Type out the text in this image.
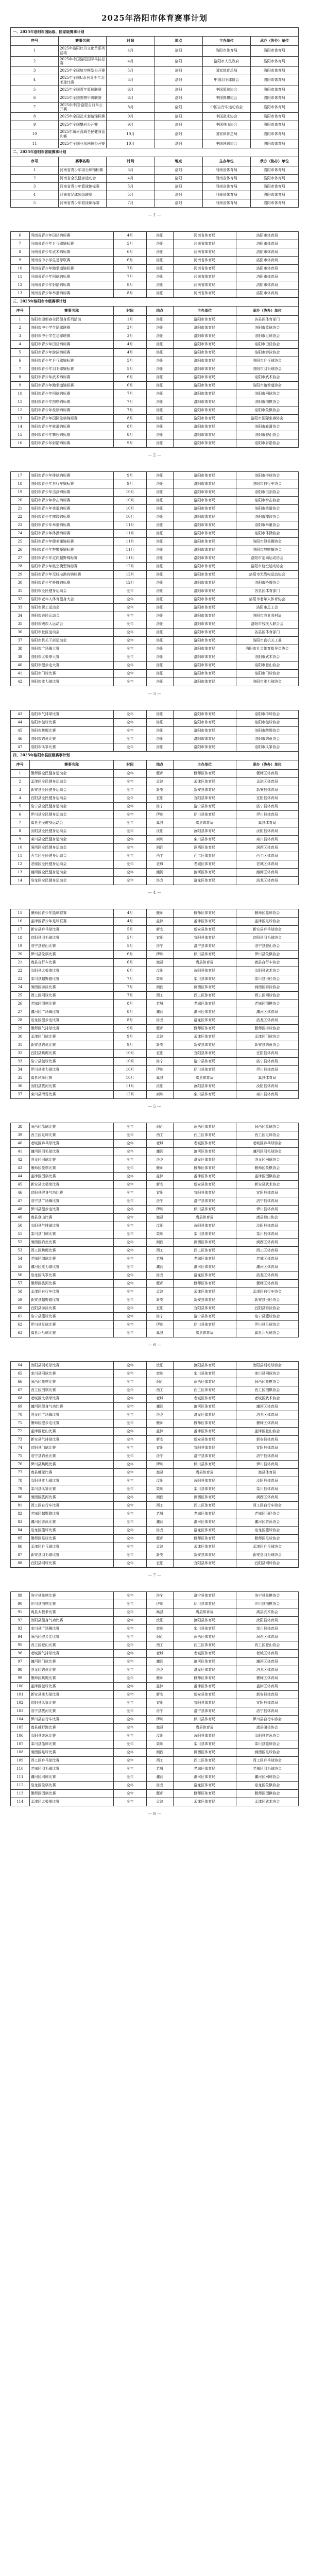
2025年洛阳市体育赛事计划
一、2025年洛阳市国际级、国家级赛事计划					
序号	赛事名称	时间	地点	主办单位	承办（协办）单位
1	2025年洛阳牡丹文化节系列活动	4月	洛阳	洛阳市体育局	洛阳市体育局
2	2025年中国洛阳国际马拉松赛	4月	洛阳	洛阳市人民政府	洛阳市体育局
3	2025年全国航空模型公开赛	5月	洛阳	国家体育总局	洛阳市体育局
4	2025年全国U系列青少年羽毛球比赛	5月	洛阳	中国羽毛球协会	洛阳市体育局
5	2025年全国青年篮球联赛	6月	洛阳	中国篮球协会	洛阳市体育局
6	2025年全国围棋甲级联赛	6月	洛阳	中国围棋协会	洛阳市体育局
7	2025年中国·洛阳自行车公开赛	8月	洛阳	中国自行车运动协会	洛阳市体育局
8	2025年全国武术套路锦标赛	9月	洛阳	中国武术协会	洛阳市体育局
9	2025年全国攀岩公开赛	9月	洛阳	中国登山协会	洛阳市体育局
10	2025年黄河流域全民健身系列赛	10月	洛阳	国家体育总局	洛阳市体育局
11	2025年全国业余网球公开赛	10月	洛阳	中国网球协会	洛阳市体育局
二、2025年洛阳市省级赛事计划					
序号	赛事名称	时间	地点	主办单位	承办（协办）单位
1	河南省青少年羽毛球锦标赛	3月	洛阳	河南省体育局	洛阳市体育局
2	河南省全民健身运动会	4月	洛阳	河南省体育局	洛阳市体育局
3	河南省青少年篮球锦标赛	5月	洛阳	河南省体育局	洛阳市体育局
4	河南省足球超级联赛	5月	洛阳	河南省体育局	洛阳市体育局
5	河南省青少年游泳锦标赛	7月	洛阳	河南省体育局	洛阳市体育局
— 1 —
6	河南省青少年田径锦标赛	4月	洛阳	河南省体育局	洛阳市体育局
7	河南省青少年乒乓球锦标赛	5月	洛阳	河南省体育局	洛阳市体育局
8	河南省青少年武术锦标赛	6月	洛阳	河南省体育局	洛阳市体育局
9	河南省中小学生足球联赛	6月	洛阳	河南省体育局	洛阳市体育局
10	河南省青少年跆拳道锦标赛	7月	洛阳	河南省体育局	洛阳市体育局
11	河南省青少年网球锦标赛	7月	洛阳	河南省体育局	洛阳市体育局
12	河南省青少年射箭锦标赛	8月	洛阳	河南省体育局	洛阳市体育局
13	河南省青少年举重锦标赛	8月	洛阳	河南省体育局	洛阳市体育局
三、2025年洛阳市市级赛事计划					
序号	赛事名称	时间	地点	主办单位	承办（协办）单位
1	洛阳市迎新春全民健身系列活动	1月	洛阳	洛阳市体育局	各县区体育部门
2	洛阳市中小学生篮球联赛	3月	洛阳	洛阳市体育局	洛阳市篮球协会
3	洛阳市中小学生足球联赛	3月	洛阳	洛阳市体育局	洛阳市足球协会
4	洛阳市青少年田径锦标赛	4月	洛阳	洛阳市体育局	洛阳市田径协会
5	洛阳市青少年游泳锦标赛	4月	洛阳	洛阳市体育局	洛阳市游泳协会
6	洛阳市青少年乒乓球锦标赛	5月	洛阳	洛阳市体育局	洛阳市乒乓球协会
7	洛阳市青少年羽毛球锦标赛	5月	洛阳	洛阳市体育局	洛阳市羽毛球协会
8	洛阳市青少年武术锦标赛	6月	洛阳	洛阳市体育局	洛阳市武术协会
9	洛阳市青少年跆拳道锦标赛	6月	洛阳	洛阳市体育局	洛阳市跆拳道协会
10	洛阳市青少年网球锦标赛	7月	洛阳	洛阳市体育局	洛阳市网球协会
11	洛阳市青少年围棋锦标赛	7月	洛阳	洛阳市体育局	洛阳市围棋协会
12	洛阳市青少年象棋锦标赛	7月	洛阳	洛阳市体育局	洛阳市象棋协会
13	洛阳市青少年国际象棋锦标赛	8月	洛阳	洛阳市体育局	洛阳市国际象棋协会
14	洛阳市青少年轮滑锦标赛	8月	洛阳	洛阳市体育局	洛阳市轮滑协会
15	洛阳市青少年攀岩锦标赛	8月	洛阳	洛阳市体育局	洛阳市登山协会
16	洛阳市青少年射箭锦标赛	9月	洛阳	洛阳市体育局	洛阳市射箭协会
— 2 —
17	洛阳市青少年排球锦标赛	9月	洛阳	洛阳市体育局	洛阳市排球协会
18	洛阳市青少年自行车锦标赛	9月	洛阳	洛阳市体育局	洛阳市自行车协会
19	洛阳市青少年击剑锦标赛	10月	洛阳	洛阳市体育局	洛阳市击剑协会
20	洛阳市青少年拳击锦标赛	10月	洛阳	洛阳市体育局	洛阳市拳击协会
21	洛阳市青少年柔道锦标赛	10月	洛阳	洛阳市体育局	洛阳市柔道协会
22	洛阳市青少年摔跤锦标赛	10月	洛阳	洛阳市体育局	洛阳市摔跤协会
23	洛阳市青少年举重锦标赛	11月	洛阳	洛阳市体育局	洛阳市举重协会
24	洛阳市青少年体操锦标赛	11月	洛阳	洛阳市体育局	洛阳市体操协会
25	洛阳市青少年健美操锦标赛	11月	洛阳	洛阳市体育局	洛阳市健美操协会
26	洛阳市青少年啦啦操锦标赛	11月	洛阳	洛阳市体育局	洛阳市啦啦操协会
27	洛阳市青少年定向越野锦标赛	11月	洛阳	洛阳市体育局	洛阳市定向运动协会
28	洛阳市青少年航空模型锦标赛	12月	洛阳	洛阳市体育局	洛阳市航空运动协会
29	洛阳市青少年无线电测向锦标赛	12月	洛阳	洛阳市体育局	洛阳市无线电运动协会
30	洛阳市青少年桥牌锦标赛	12月	洛阳	洛阳市体育局	洛阳市桥牌协会
31	洛阳市全民健身运动会	全年	洛阳	洛阳市体育局	各县区体育部门
32	洛阳市老年人体育健身大会	全年	洛阳	洛阳市体育局	洛阳市老年人体育协会
33	洛阳市职工运动会	全年	洛阳	洛阳市体育局	洛阳市总工会
34	洛阳市农民运动会	全年	洛阳	洛阳市体育局	洛阳市农业农村局
35	洛阳市残疾人运动会	全年	洛阳	洛阳市体育局	洛阳市残疾人联合会
36	洛阳市社区运动会	全年	洛阳	洛阳市体育局	各县区体育部门
37	洛阳市机关干部运动会	全年	洛阳	洛阳市体育局	洛阳市直机关工委
38	洛阳市广场舞大赛	全年	洛阳	洛阳市体育局	洛阳市社会体育指导员协会
39	洛阳市太极拳大赛	全年	洛阳	洛阳市体育局	洛阳市武术协会
40	洛阳市健步走大赛	全年	洛阳	洛阳市体育局	洛阳市登山协会
41	洛阳市门球比赛	全年	洛阳	洛阳市体育局	洛阳市门球协会
42	洛阳市柔力球比赛	全年	洛阳	洛阳市体育局	洛阳市柔力球协会
— 3 —
43	洛阳市气排球比赛	全年	洛阳	洛阳市体育局	洛阳市排球协会
44	洛阳市毽球比赛	全年	洛阳	洛阳市体育局	洛阳市毽球协会
45	洛阳市跳绳比赛	全年	洛阳	洛阳市体育局	洛阳市跳绳协会
46	洛阳市钓鱼比赛	全年	洛阳	洛阳市体育局	洛阳市钓鱼协会
47	洛阳市风筝比赛	全年	洛阳	洛阳市体育局	洛阳市风筝协会
四、2025年洛阳市县区级赛事计划					
序号	赛事名称	时间	地点	主办单位	承办（协办）单位
1	偃师区全民健身运动会	全年	偃师	偃师区体育局	偃师区体育局
2	孟津区全民健身运动会	全年	孟津	孟津区体育局	孟津区体育局
3	新安县全民健身运动会	全年	新安	新安县体育局	新安县体育局
4	宜阳县全民健身运动会	全年	宜阳	宜阳县体育局	宜阳县体育局
5	洛宁县全民健身运动会	全年	洛宁	洛宁县体育局	洛宁县体育局
6	伊川县全民健身运动会	全年	伊川	伊川县体育局	伊川县体育局
7	嵩县全民健身运动会	全年	嵩县	嵩县体育局	嵩县体育局
8	汝阳县全民健身运动会	全年	汝阳	汝阳县体育局	汝阳县体育局
9	栾川县全民健身运动会	全年	栾川	栾川县体育局	栾川县体育局
10	涧西区全民健身运动会	全年	涧西	涧西区体育局	涧西区体育局
11	西工区全民健身运动会	全年	西工	西工区体育局	西工区体育局
12	老城区全民健身运动会	全年	老城	老城区体育局	老城区体育局
13	瀍河区全民健身运动会	全年	瀍河	瀍河区体育局	瀍河区体育局
14	洛龙区全民健身运动会	全年	洛龙	洛龙区体育局	洛龙区体育局
— 4 —
15	偃师区青少年篮球联赛	4月	偃师	偃师区体育局	偃师区篮球协会
16	孟津区青少年足球联赛	4月	孟津	孟津区体育局	孟津区足球协会
17	新安县乒乓球比赛	5月	新安	新安县体育局	新安县乒乓球协会
18	宜阳县羽毛球比赛	5月	宜阳	宜阳县体育局	宜阳县羽毛球协会
19	洛宁县登山比赛	5月	洛宁	洛宁县体育局	洛宁县登山协会
20	伊川县象棋比赛	6月	伊川	伊川县体育局	伊川县象棋协会
21	嵩县自行车比赛	6月	嵩县	嵩县体育局	嵩县自行车协会
22	汝阳县太极拳比赛	6月	汝阳	汝阳县体育局	汝阳县武术协会
23	栾川县越野跑比赛	7月	栾川	栾川县体育局	栾川县田径协会
24	涧西区游泳比赛	7月	涧西	涧西区体育局	涧西区游泳协会
25	西工区网球比赛	7月	西工	西工区体育局	西工区网球协会
26	老城区围棋比赛	8月	老城	老城区体育局	老城区围棋协会
27	瀍河区广场舞比赛	8月	瀍河	瀍河区体育局	瀍河区体育局
28	洛龙区健步走比赛	8月	洛龙	洛龙区体育局	洛龙区体育局
29	偃师区气排球比赛	9月	偃师	偃师区体育局	偃师区排球协会
30	孟津区门球比赛	9月	孟津	孟津区体育局	孟津区门球协会
31	新安县钓鱼比赛	9月	新安	新安县体育局	新安县钓鱼协会
32	宜阳县跳绳比赛	10月	宜阳	宜阳县体育局	宜阳县体育局
33	洛宁县毽球比赛	10月	洛宁	洛宁县体育局	洛宁县体育局
34	伊川县柔力球比赛	10月	伊川	伊川县体育局	伊川县体育局
35	嵩县风筝比赛	10月	嵩县	嵩县体育局	嵩县体育局
36	汝阳县拔河比赛	11月	汝阳	汝阳县体育局	汝阳县体育局
37	栾川县滑雪比赛	12月	栾川	栾川县体育局	栾川县体育局
— 5 —
38	涧西区篮球比赛	全年	涧西	涧西区体育局	涧西区篮球协会
39	西工区足球比赛	全年	西工	西工区体育局	西工区足球协会
40	老城区乒乓球比赛	全年	老城	老城区体育局	老城区乒乓球协会
41	瀍河区羽毛球比赛	全年	瀍河	瀍河区体育局	瀍河区羽毛球协会
42	洛龙区网球比赛	全年	洛龙	洛龙区体育局	洛龙区网球协会
43	偃师区象棋比赛	全年	偃师	偃师区体育局	偃师区象棋协会
44	孟津区围棋比赛	全年	孟津	孟津区体育局	孟津区围棋协会
45	新安县太极拳比赛	全年	新安	新安县体育局	新安县武术协会
46	宜阳县健身气功比赛	全年	宜阳	宜阳县体育局	宜阳县体育局
47	洛宁县广场舞比赛	全年	洛宁	洛宁县体育局	洛宁县体育局
48	伊川县健步走比赛	全年	伊川	伊川县体育局	伊川县体育局
49	嵩县登山比赛	全年	嵩县	嵩县体育局	嵩县登山协会
50	汝阳县气排球比赛	全年	汝阳	汝阳县体育局	汝阳县体育局
51	栾川县门球比赛	全年	栾川	栾川县体育局	栾川县体育局
52	涧西区钓鱼比赛	全年	涧西	涧西区体育局	涧西区体育局
53	西工区跳绳比赛	全年	西工	西工区体育局	西工区体育局
54	老城区毽球比赛	全年	老城	老城区体育局	老城区体育局
55	瀍河区柔力球比赛	全年	瀍河	瀍河区体育局	瀍河区体育局
56	洛龙区风筝比赛	全年	洛龙	洛龙区体育局	洛龙区体育局
57	偃师区拔河比赛	全年	偃师	偃师区体育局	偃师区体育局
58	孟津区自行车比赛	全年	孟津	孟津区体育局	孟津区自行车协会
59	新安县越野跑比赛	全年	新安	新安县体育局	新安县田径协会
60	宜阳县游泳比赛	全年	宜阳	宜阳县体育局	宜阳县游泳协会
61	洛宁县篮球比赛	全年	洛宁	洛宁县体育局	洛宁县篮球协会
62	伊川县足球比赛	全年	伊川	伊川县体育局	伊川县足球协会
63	嵩县乒乓球比赛	全年	嵩县	嵩县体育局	嵩县乒乓球协会
— 6 —
64	汝阳县羽毛球比赛	全年	汝阳	汝阳县体育局	汝阳县羽毛球协会
65	栾川县网球比赛	全年	栾川	栾川县体育局	栾川县网球协会
66	涧西区象棋比赛	全年	涧西	涧西区体育局	涧西区象棋协会
67	西工区围棋比赛	全年	西工	西工区体育局	西工区围棋协会
68	老城区太极拳比赛	全年	老城	老城区体育局	老城区武术协会
69	瀍河区健身气功比赛	全年	瀍河	瀍河区体育局	瀍河区体育局
70	洛龙区广场舞比赛	全年	洛龙	洛龙区体育局	洛龙区体育局
71	偃师区健步走比赛	全年	偃师	偃师区体育局	偃师区体育局
72	孟津区登山比赛	全年	孟津	孟津区体育局	孟津区登山协会
73	新安县气排球比赛	全年	新安	新安县体育局	新安县体育局
74	宜阳县门球比赛	全年	宜阳	宜阳县体育局	宜阳县体育局
75	洛宁县钓鱼比赛	全年	洛宁	洛宁县体育局	洛宁县体育局
76	伊川县跳绳比赛	全年	伊川	伊川县体育局	伊川县体育局
77	嵩县毽球比赛	全年	嵩县	嵩县体育局	嵩县体育局
78	汝阳县柔力球比赛	全年	汝阳	汝阳县体育局	汝阳县体育局
79	栾川县风筝比赛	全年	栾川	栾川县体育局	栾川县体育局
80	涧西区拔河比赛	全年	涧西	涧西区体育局	涧西区体育局
81	西工区自行车比赛	全年	西工	西工区体育局	西工区自行车协会
82	老城区越野跑比赛	全年	老城	老城区体育局	老城区田径协会
83	瀍河区游泳比赛	全年	瀍河	瀍河区体育局	瀍河区游泳协会
84	洛龙区篮球比赛	全年	洛龙	洛龙区体育局	洛龙区篮球协会
85	偃师区足球比赛	全年	偃师	偃师区体育局	偃师区足球协会
86	孟津区乒乓球比赛	全年	孟津	孟津区体育局	孟津区乒乓球协会
87	新安县羽毛球比赛	全年	新安	新安县体育局	新安县羽毛球协会
88	宜阳县网球比赛	全年	宜阳	宜阳县体育局	宜阳县网球协会
— 7 —
89	洛宁县象棋比赛	全年	洛宁	洛宁县体育局	洛宁县象棋协会
90	伊川县围棋比赛	全年	伊川	伊川县体育局	伊川县围棋协会
91	嵩县太极拳比赛	全年	嵩县	嵩县体育局	嵩县武术协会
92	汝阳县健身气功比赛	全年	汝阳	汝阳县体育局	汝阳县体育局
93	栾川县广场舞比赛	全年	栾川	栾川县体育局	栾川县体育局
94	涧西区健步走比赛	全年	涧西	涧西区体育局	涧西区体育局
95	西工区登山比赛	全年	西工	西工区体育局	西工区登山协会
96	老城区气排球比赛	全年	老城	老城区体育局	老城区体育局
97	瀍河区门球比赛	全年	瀍河	瀍河区体育局	瀍河区体育局
98	洛龙区钓鱼比赛	全年	洛龙	洛龙区体育局	洛龙区体育局
99	偃师区跳绳比赛	全年	偃师	偃师区体育局	偃师区体育局
100	孟津区毽球比赛	全年	孟津	孟津区体育局	孟津区体育局
101	新安县柔力球比赛	全年	新安	新安县体育局	新安县体育局
102	宜阳县风筝比赛	全年	宜阳	宜阳县体育局	宜阳县体育局
103	洛宁县拔河比赛	全年	洛宁	洛宁县体育局	洛宁县体育局
104	伊川县自行车比赛	全年	伊川	伊川县体育局	伊川县自行车协会
105	嵩县越野跑比赛	全年	嵩县	嵩县体育局	嵩县田径协会
106	汝阳县游泳比赛	全年	汝阳	汝阳县体育局	汝阳县游泳协会
107	栾川县篮球比赛	全年	栾川	栾川县体育局	栾川县篮球协会
108	涧西区足球比赛	全年	涧西	涧西区体育局	涧西区足球协会
109	西工区乒乓球比赛	全年	西工	西工区体育局	西工区乒乓球协会
110	老城区羽毛球比赛	全年	老城	老城区体育局	老城区羽毛球协会
111	瀍河区网球比赛	全年	瀍河	瀍河区体育局	瀍河区网球协会
112	洛龙区象棋比赛	全年	洛龙	洛龙区体育局	洛龙区象棋协会
113	偃师区围棋比赛	全年	偃师	偃师区体育局	偃师区围棋协会
114	孟津区太极拳比赛	全年	孟津	孟津区体育局	孟津区武术协会
— 8 —
